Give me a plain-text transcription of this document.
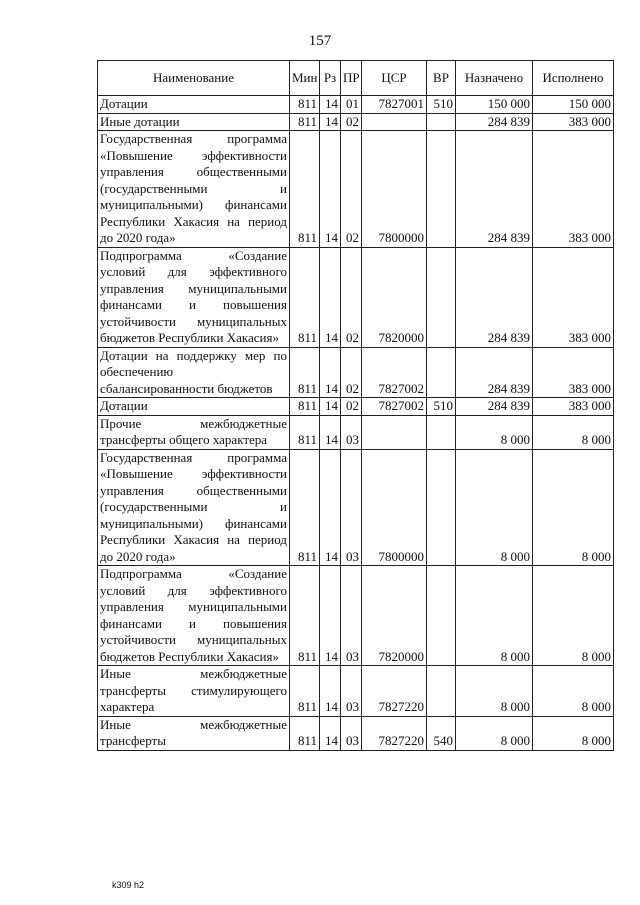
157
Наименование	Мин	Рз	ПР	ЦСР	ВР	Назначено	Исполнено
Дотации	811	14	01	7827001	510	150 000	150 000
Иные дотации	811	14	02			284 839	383 000
Государственная программа «Повышение эффективности управления общественными (государственными и муниципальными) финансами Республики Хакасия на период до 2020 года»	811	14	02	7800000		284 839	383 000
Подпрограмма «Создание условий для эффективного управления муниципальными финансами и повышения устойчивости муниципальных бюджетов Республики Хакасия»	811	14	02	7820000		284 839	383 000
Дотации на поддержку мер по обеспечению сбалансированности бюджетов	811	14	02	7827002		284 839	383 000
Дотации	811	14	02	7827002	510	284 839	383 000
Прочие межбюджетные трансферты общего характера	811	14	03			8 000	8 000
Государственная программа «Повышение эффективности управления общественными (государственными и муниципальными) финансами Республики Хакасия на период до 2020 года»	811	14	03	7800000		8 000	8 000
Подпрограмма «Создание условий для эффективного управления муниципальными финансами и повышения устойчивости муниципальных бюджетов Республики Хакасия»	811	14	03	7820000		8 000	8 000
Иные межбюджетные трансферты стимулирующего характера	811	14	03	7827220		8 000	8 000
Иные межбюджетные трансферты	811	14	03	7827220	540	8 000	8 000
k309 h2
